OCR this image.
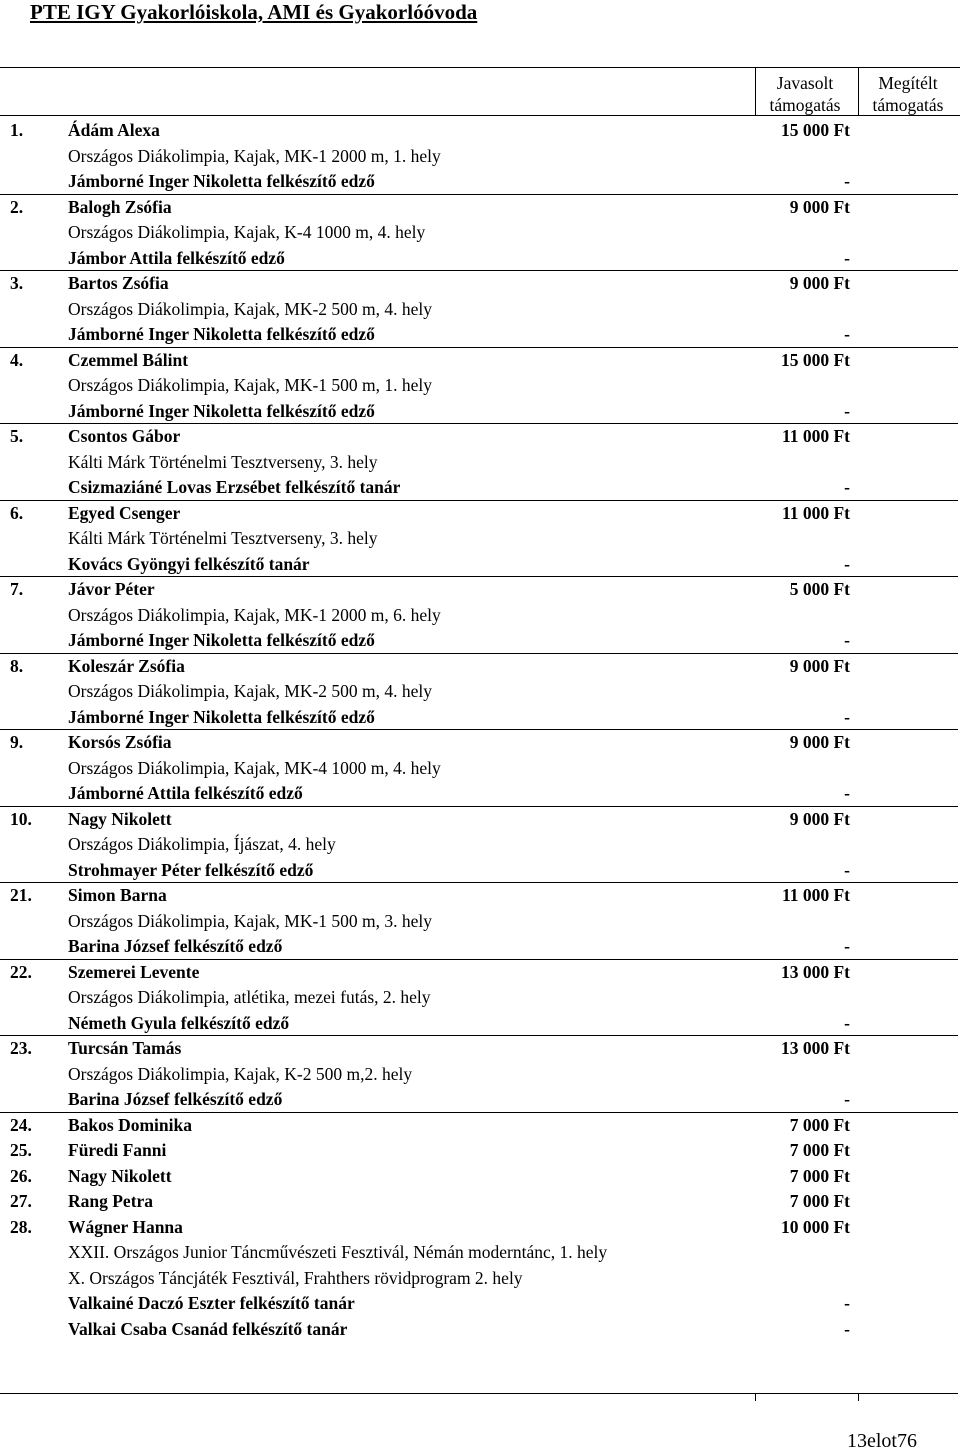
PTE IGY Gyakorlóiskola, AMI és Gyakorlóóvoda
Javasolt
támogatás
Megítélt
támogatás
1.	Ádám Alexa	15 000 Ft
Országos Diákolimpia, Kajak, MK-1 2000 m, 1. hely
Jámborné Inger Nikoletta felkészítő edző	-
2.	Balogh Zsófia	9 000 Ft
Országos Diákolimpia, Kajak, K-4 1000 m, 4. hely
Jámbor Attila felkészítő edző	-
3.	Bartos Zsófia	9 000 Ft
Országos Diákolimpia, Kajak, MK-2 500 m, 4. hely
Jámborné Inger Nikoletta felkészítő edző	-
4.	Czemmel Bálint	15 000 Ft
Országos Diákolimpia, Kajak, MK-1 500 m, 1. hely
Jámborné Inger Nikoletta felkészítő edző	-
5.	Csontos Gábor	11 000 Ft
Kálti Márk Történelmi Tesztverseny, 3. hely
Csizmaziáné Lovas Erzsébet felkészítő tanár	-
6.	Egyed Csenger	11 000 Ft
Kálti Márk Történelmi Tesztverseny, 3. hely
Kovács Gyöngyi felkészítő tanár	-
7.	Jávor Péter	5 000 Ft
Országos Diákolimpia, Kajak, MK-1 2000 m, 6. hely
Jámborné Inger Nikoletta felkészítő edző	-
8.	Koleszár Zsófia	9 000 Ft
Országos Diákolimpia, Kajak, MK-2 500 m, 4. hely
Jámborné Inger Nikoletta felkészítő edző	-
9.	Korsós Zsófia	9 000 Ft
Országos Diákolimpia, Kajak, MK-4 1000 m, 4. hely
Jámborné Attila felkészítő edző	-
10. Nagy Nikolett	9 000 Ft
Országos Diákolimpia, Íjászat, 4. hely
Strohmayer Péter felkészítő edző	-
21. Simon Barna	11 000 Ft
Országos Diákolimpia, Kajak, MK-1 500 m, 3. hely
Barina József felkészítő edző	-
22. Szemerei Levente	13 000 Ft
Országos Diákolimpia, atlétika, mezei futás, 2. hely
Németh Gyula felkészítő edző	-
23. Turcsán Tamás	13 000 Ft
Országos Diákolimpia, Kajak, K-2 500 m,2. hely
Barina József felkészítő edző	-
24. Bakos Dominika	7 000 Ft
25. Füredi Fanni	7 000 Ft
26. Nagy Nikolett	7 000 Ft
27. Rang Petra	7 000 Ft
28. Wágner Hanna	10 000 Ft
XXII. Országos Junior Táncművészeti Fesztivál, Némán moderntánc, 1. hely
X. Országos Táncjáték Fesztivál, Frahthers rövidprogram 2. hely
Valkainé Daczó Eszter felkészítő tanár	-
Valkai Csaba Csanád felkészítő tanár	-
13elot76
